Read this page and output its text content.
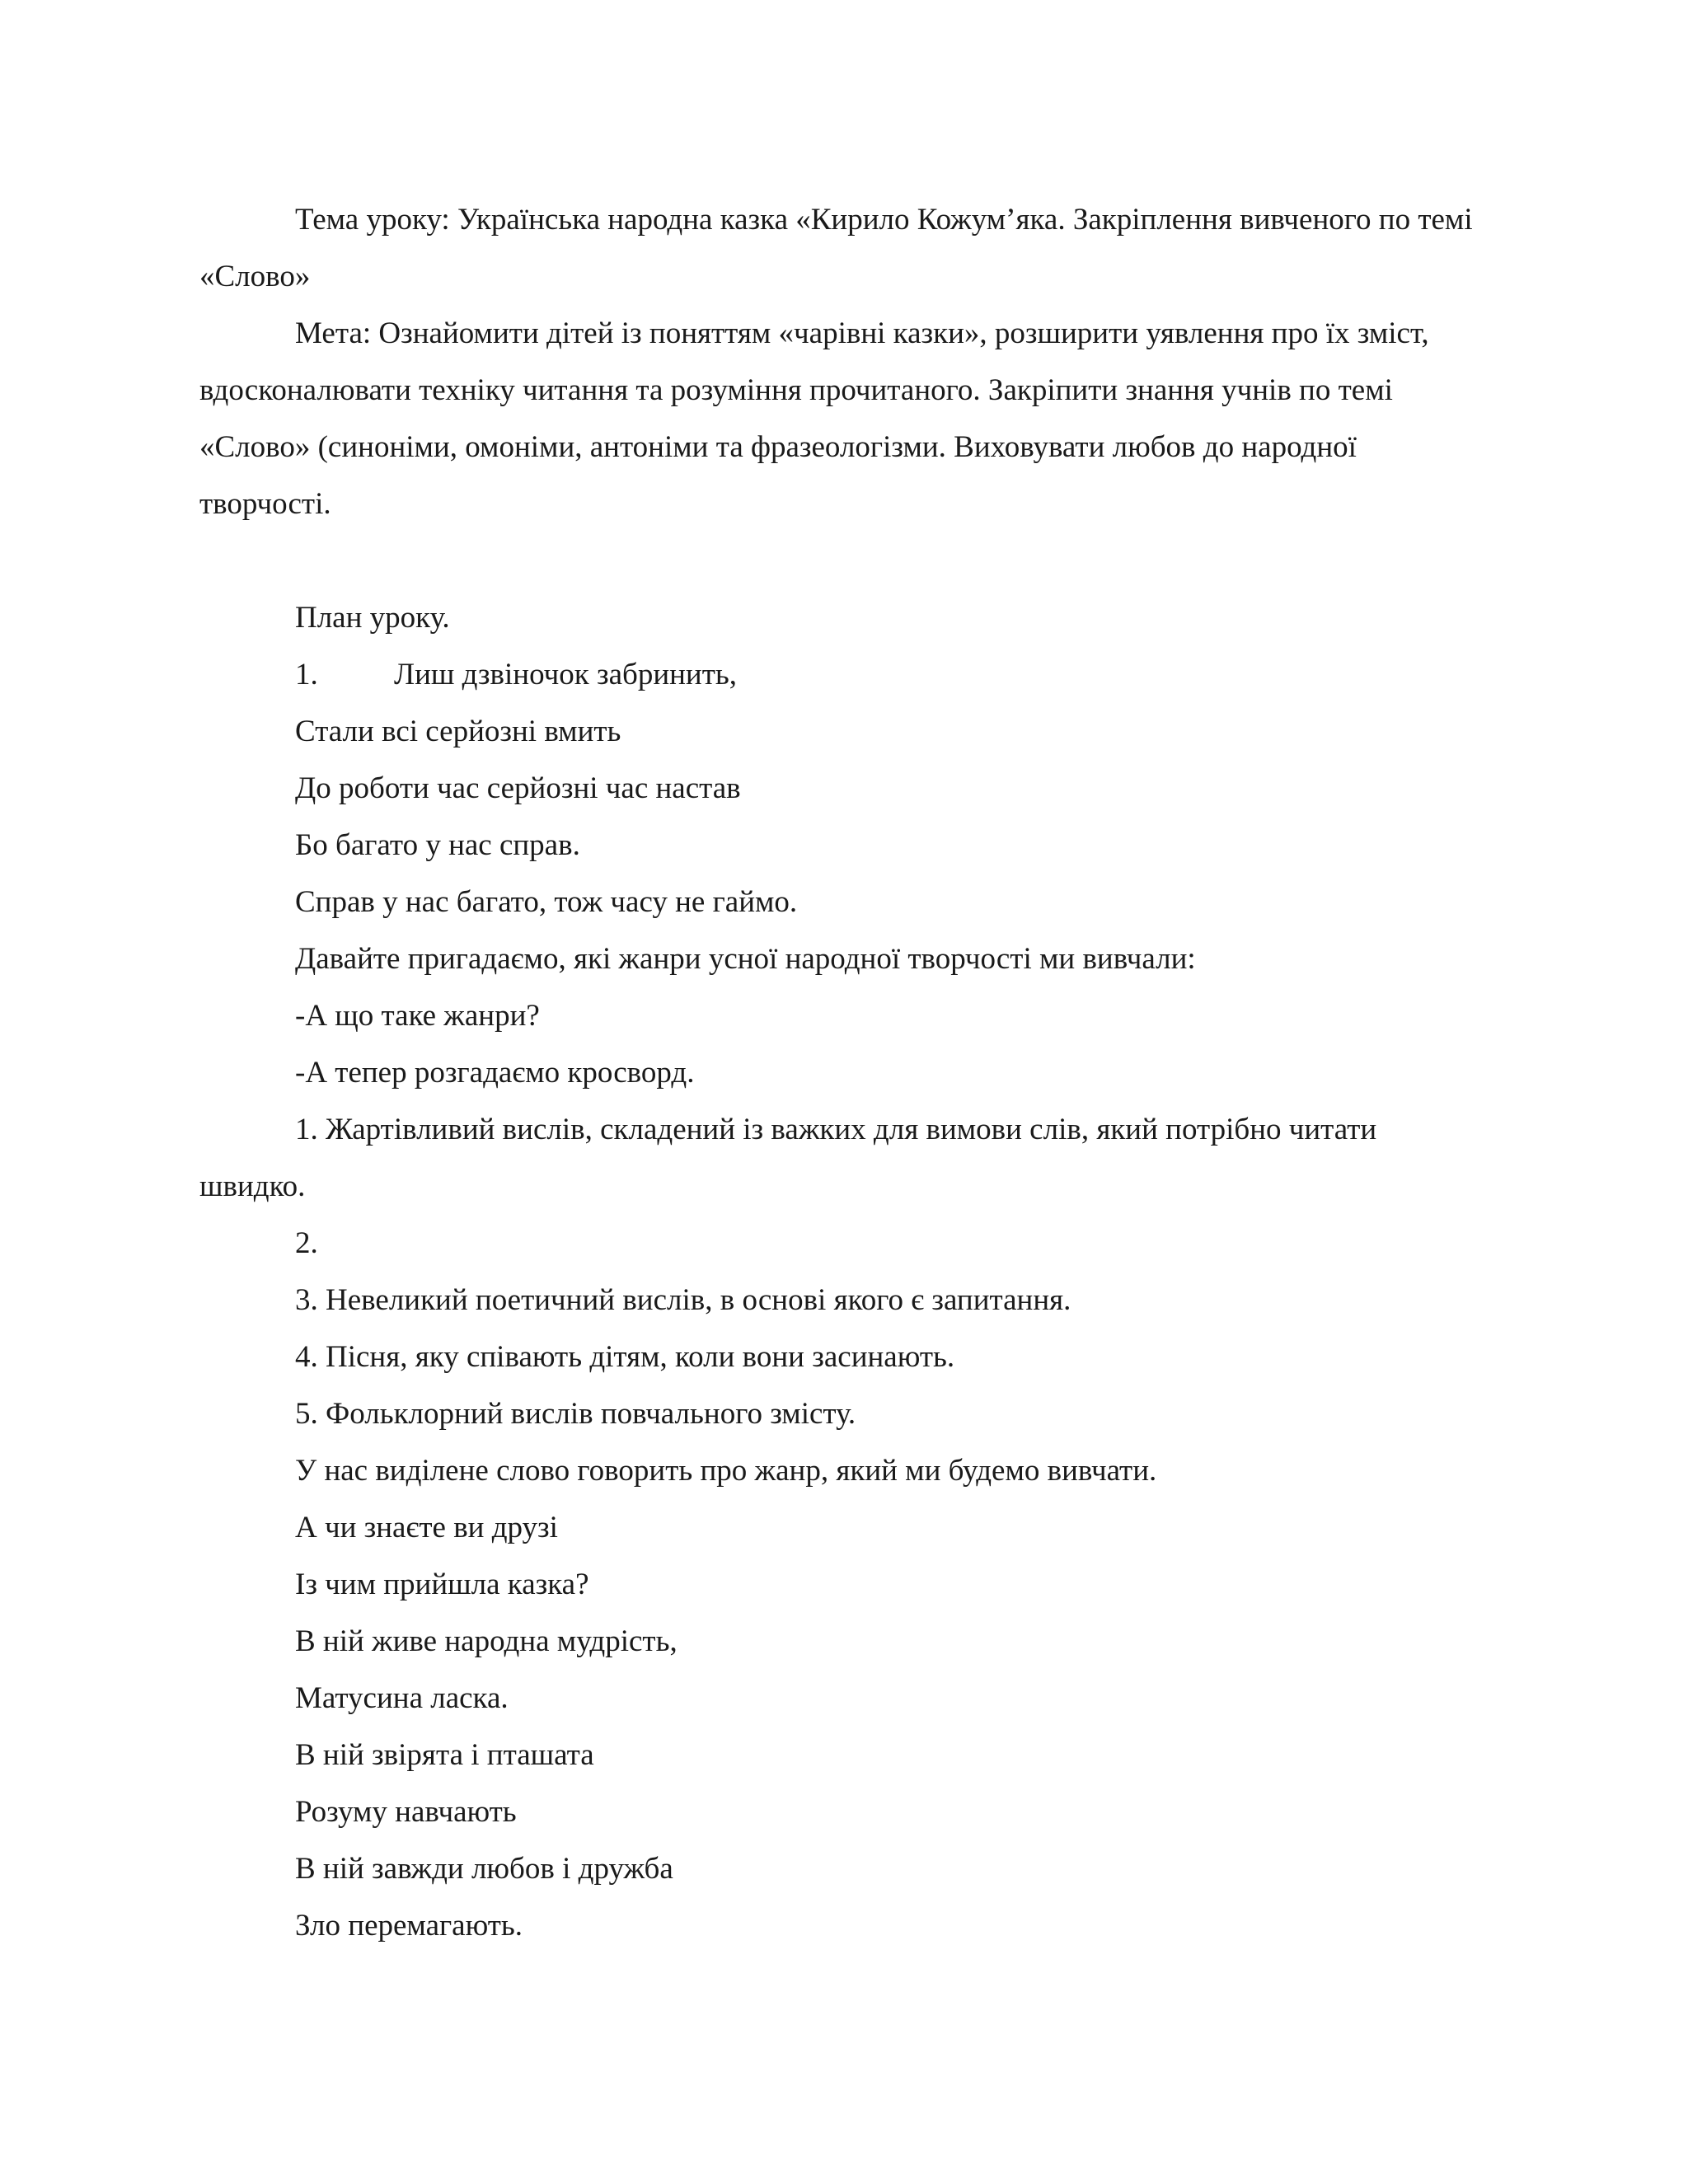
Тема уроку: Українська народна казка «Кирило Кожум’яка. Закріплення вивченого по темі «Слово»

Мета: Ознайомити дітей із поняттям «чарівні казки», розширити уявлення про їх зміст, вдосконалювати техніку читання та розуміння прочитаного. Закріпити знання учнів по темі «Слово» (синоніми, омоніми, антоніми та фразеологізми. Виховувати любов до народної творчості.

План уроку.

1. Лиш дзвіночок забринить,

Стали всі серйозні вмить

До роботи час серйозні час настав

Бо багато у нас справ.

Справ у нас багато, тож часу не гаймо.

Давайте пригадаємо, які жанри усної народної творчості ми вивчали:

-А що таке жанри?

-А тепер розгадаємо кросворд.

1. Жартівливий вислів, складений із важких для вимови слів, який потрібно читати швидко.

2.

3. Невеликий поетичний вислів, в основі якого є запитання.

4. Пісня, яку співають дітям, коли вони засинають.

5. Фольклорний вислів повчального змісту.

У нас виділене слово говорить про жанр, який ми будемо вивчати.

А чи знаєте ви друзі

Із чим прийшла казка?

В ній живе народна мудрість,

Матусина ласка.

В ній звірята і пташата

Розуму навчають

В ній завжди любов і дружба

Зло перемагають.
